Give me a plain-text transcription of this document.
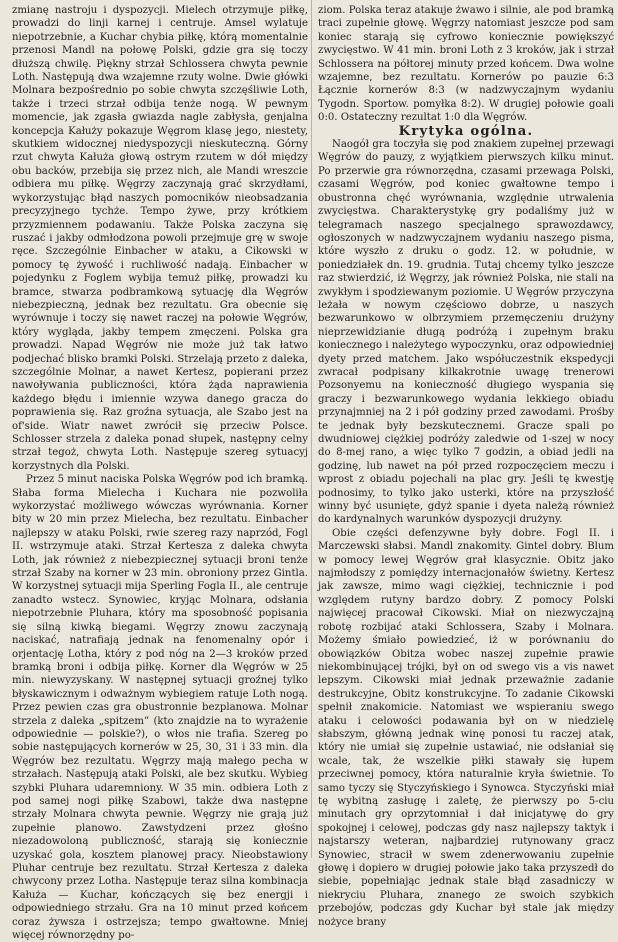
zmianę nastroju i dyspozycji. Mielech otrzymuje piłkę, prowadzi do linji karnej i centruje. Amsel wylatuje niepotrzebnie, a Kuchar chybia piłkę, którą momentalnie przenosi Mandl na połowę Polski, gdzie gra się toczy dłuższą chwilę. Piękny strzał Schlossera chwyta pewnie Loth. Następują dwa wzajemne rzuty wolne. Dwie główki Molnara bezpośrednio po sobie chwyta szczęśliwie Loth, także i trzeci strzał odbija tenże nogą. W pewnym momencie, jak zgasła gwiazda nagle zabłysła, genjalna koncepcja Kałuży pokazuje Węgrom klasę jego, niestety, skutkiem widocznej niedyspozycji nieskuteczną. Górny rzut chwyta Kałuża głową ostrym rzutem w dół między obu backów, przebija się przez nich, ale Mandi wreszcie odbiera mu piłkę. Węgrzy zaczynają grać skrzydłami, wykorzystując błąd naszych pomocników nieobsadzania precyzyjnego tychże. Tempo żywe, przy krótkiem przyzmiennem podawaniu. Także Polska zaczyna się ruszać i jakby odmłodzona powoli przejmuje grę w swoje ręce. Szczególnie Einbacher w ataku, a Cikowski w pomocy tę żywość i ruchliwość nadają. Einbacher w pojedynku z Foglem wybija temuż piłkę, prowadzi ku bramce, stwarza podbramkową sytuację dla Węgrów niebezpieczną, jednak bez rezultatu. Gra obecnie się wyrównuje i toczy się nawet raczej na połowie Węgrów, który wygląda, jakby tempem zmęczeni. Polska gra prowadzi. Napad Węgrów nie może już tak łatwo podjechać blisko bramki Polski. Strzelają przeto z daleka, szczególnie Molnar, a nawet Kertesz, popierani przez nawoływania publiczności, która żąda naprawienia każdego błędu i imiennie wzywa danego gracza do poprawienia się. Raz groźna sytuacja, ale Szabo jest na of'side. Wiatr nawet zwrócił się przeciw Polsce. Schlosser strzela z daleka ponad słupek, następny celny strzał tegoż, chwyta Loth. Następuje szereg sytuacyj korzystnych dla Polski.

Przez 5 minut naciska Polska Węgrów pod ich bramką. Słaba forma Mielecha i Kuchara nie pozwoliła wykorzystać możliwego wówczas wyrównania. Korner bity w 20 min przez Mielecha, bez rezultatu. Einbacher najlepszy w ataku Polski, rwie szereg razy naprzód, Fogl II. wstrzymuje ataki. Strzał Kertesza z daleka chwyta Loth, jak również z niebezpiecznej sytuacji broni tenże strzał Szaby na korner w 23 min. obroniony przez Gintla. W korzystnej sytuacji mija Sperling Fogla II., ale centruje zanadto wstecz. Synowiec, kryjąc Molnara, odsłania niepotrzebnie Pluhara, który ma sposobność popisania się silną kiwką biegami. Węgrzy znowu zaczynają naciskać, natrafiają jednak na fenomenalny opór i orjentację Lotha, który z pod nóg na 2—3 kroków przed bramką broni i odbija piłkę. Korner dla Węgrów w 25 min. niewyzyskany. W następnej sytuacji groźnej tylko błyskawicznym i odważnym wybiegiem ratuje Loth nogą. Przez pewien czas gra obustronnie bezplanowa. Molnar strzela z daleka „spitzem” (kto znajdzie na to wyrażenie odpowiednie — polskie?), o włos nie trafia. Szereg po sobie następujących kornerów w 25, 30, 31 i 33 min. dla Węgrów bez rezultatu. Węgrzy mają małego pecha w strzałach. Następują ataki Polski, ale bez skutku. Wybieg szybki Pluhara udaremniony. W 35 min. odbiera Loth z pod samej nogi piłkę Szabowi, także dwa następne strzały Molnara chwyta pewnie. Węgrzy nie grają już zupełnie planowo. Zawstydzeni przez głośno niezadowoloną publiczność, starają się koniecznie uzyskać gola, kosztem planowej pracy. Nieobstawiony Pluhar centruje bez rezultatu. Strzał Kertesza z daleka chwycony przez Lotha. Następuje teraz silna kombinacja Kałuża — Kuchar, kończących się bez energji i odpowiedniego strzału. Gra na 10 minut przed końcem coraz żywsza i ostrzejsza; tempo gwałtowne. Mniej więcej równorzędny po-

ziom. Polska teraz atakuje żwawo i silnie, ale pod bramką traci zupełnie głowę. Węgrzy natomiast jeszcze pod sam koniec starają się cyfrowo koniecznie powiększyć zwycięstwo. W 41 min. broni Loth z 3 kroków, jak i strzał Schlossera na półtorej minuty przed końcem. Dwa wolne wzajemne, bez rezultatu. Kornerów po pauzie 6:3 Łącznie kornerów 8:3 (w nadzwyczajnym wydaniu Tygodn. Sportow. pomyłka 8:2). W drugiej połowie goali 0:0. Ostateczny rezultat 1:0 dla Węgrów.

Krytyka ogólna.

Naogół gra toczyła się pod znakiem zupełnej przewagi Węgrów do pauzy, z wyjątkiem pierwszych kilku minut. Po przerwie gra równorzędna, czasami przewaga Polski, czasami Węgrów, pod koniec gwałtowne tempo i obustronna chęć wyrównania, względnie utrwalenia zwycięstwa. Charakterystykę gry podaliśmy już w telegramach naszego specjalnego sprawozdawcy, ogłoszonych w nadzwyczajnem wydaniu naszego pisma, które wyszło z druku o godz. 12. w południe, w poniedziałek dn. 19. grudnia. Tutaj chcemy tylko jeszcze raz stwierdzić, iż Węgrzy, jak również Polska, nie stali na zwykłym i spodziewanym poziomie. U Węgrów przyczyna leżała w nowym częściowo dobrze, u naszych bezwarunkowo w olbrzymiem przemęczeniu drużyny nieprzewidzianie długą podróżą i zupełnym braku koniecznego i należytego wypoczynku, oraz odpowiedniej dyety przed matchem. Jako współuczestnik ekspedycji zwracał podpisany kilkakrotnie uwagę trenerowi Pozsonyemu na konieczność długiego wyspania się graczy i bezwarunkowego wydania lekkiego obiadu przynajmniej na 2 i pół godziny przed zawodami. Prośby te jednak były bezskutecznemi. Gracze spali po dwudniowej ciężkiej podróży zaledwie od 1-szej w nocy do 8-mej rano, a więc tylko 7 godzin, a obiad jedli na godzinę, lub nawet na pół przed rozpoczęciem meczu i wprost z obiadu pojechali na plac gry. Jeśli tę kwestję podnosimy, to tylko jako usterki, które na przyszłość winny być usunięte, gdyż spanie i dyeta należą również do kardynalnych warunków dyspozycji drużyny.

Obie części defenzywne były dobre. Fogl II. i Marczewski słabsi. Mandl znakomity. Gintel dobry. Blum w pomocy lewej Węgrów grał klasycznie. Obitz jako najmłodszy z pomiędzy internacjonałów świetny. Kertesz jak zawsze, mimo wagi ciężkiej, technicznie i pod względem rutyny bardzo dobry. Z pomocy Polski najwięcej pracował Cikowski. Miał on niezwyczajną robotę rozbijać ataki Schlossera, Szaby i Molnara. Możemy śmiało powiedzieć, iż w porównaniu do obowiązków Obitza wobec naszej zupełnie prawie niekombinującej trójki, był on od swego vis a vis nawet lepszym. Cikowski miał jednak przeważnie zadanie destrukcyjne, Obitz konstrukcyjne. To zadanie Cikowski spełnił znakomicie. Natomiast we wspieraniu swego ataku i celowości podawania był on w niedzielę słabszym, główną jednak winę ponosi tu raczej atak, który nie umiał się zupełnie ustawiać, nie odsłaniał się wcale, tak, że wszelkie piłki stawały się łupem przeciwnej pomocy, która naturalnie kryła świetnie. To samo tyczy się Styczyńskiego i Synowca. Styczyński miał tę wybitną zasługę i zaletę, że pierwszy po 5-ciu minutach gry oprzytomniał i dał inicjatywę do gry spokojnej i celowej, podczas gdy nasz najlepszy taktyk i najstarszy weteran, najbardziej rutynowany gracz Synowiec, stracił w swem zdenerwowaniu zupełnie głowę i dopiero w drugiej połowie jako taka przyszedł do siebie, popełniając jednak stale błąd zasadniczy w niekryciu Pluhara, znanego ze swoich szybkich przebojów, podczas gdy Kuchar był stale jak między nożyce brany
